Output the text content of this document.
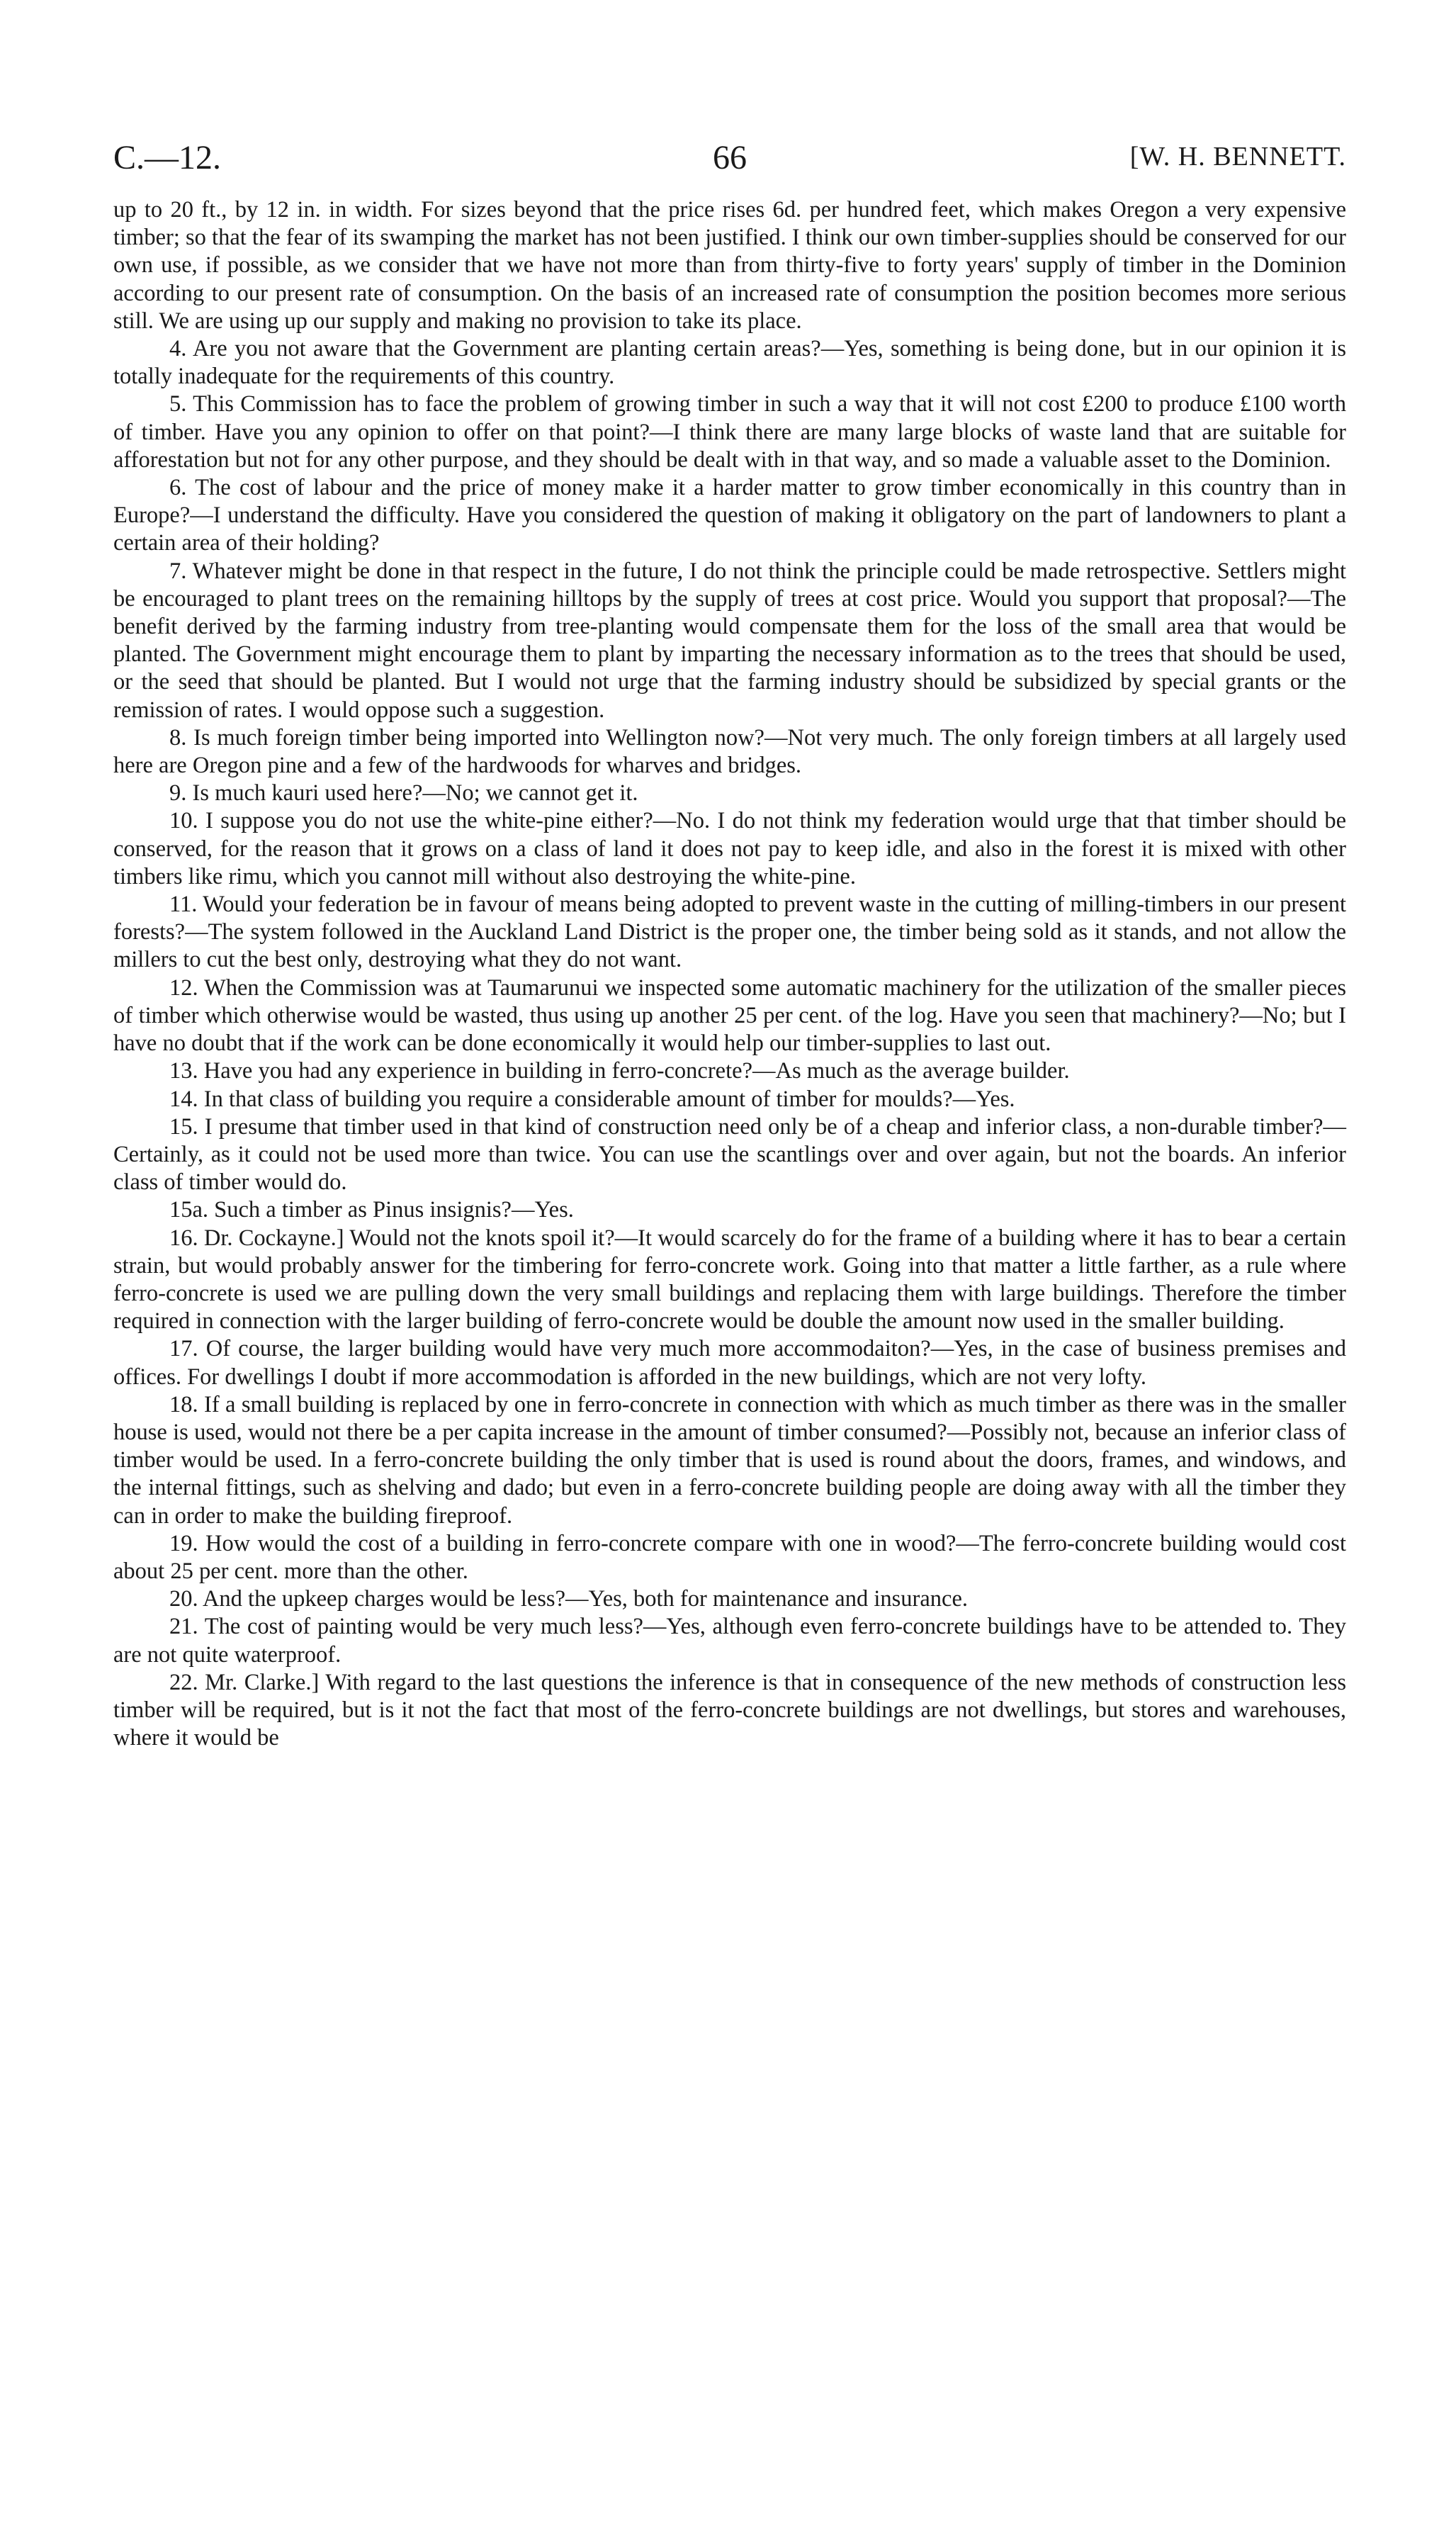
C.—12.	66	[W. H. BENNETT.

up to 20 ft., by 12 in. in width. For sizes beyond that the price rises 6d. per hundred feet, which makes Oregon a very expensive timber; so that the fear of its swamping the market has not been justified. I think our own timber-supplies should be conserved for our own use, if possible, as we consider that we have not more than from thirty-five to forty years' supply of timber in the Dominion according to our present rate of consumption. On the basis of an increased rate of consumption the position becomes more serious still. We are using up our supply and making no provision to take its place.

4. Are you not aware that the Government are planting certain areas?—Yes, something is being done, but in our opinion it is totally inadequate for the requirements of this country.

5. This Commission has to face the problem of growing timber in such a way that it will not cost £200 to produce £100 worth of timber. Have you any opinion to offer on that point?—I think there are many large blocks of waste land that are suitable for afforestation but not for any other purpose, and they should be dealt with in that way, and so made a valuable asset to the Dominion.

6. The cost of labour and the price of money make it a harder matter to grow timber economically in this country than in Europe?—I understand the difficulty. Have you considered the question of making it obligatory on the part of landowners to plant a certain area of their holding?

7. Whatever might be done in that respect in the future, I do not think the principle could be made retrospective. Settlers might be encouraged to plant trees on the remaining hilltops by the supply of trees at cost price. Would you support that proposal?—The benefit derived by the farming industry from tree-planting would compensate them for the loss of the small area that would be planted. The Government might encourage them to plant by imparting the necessary information as to the trees that should be used, or the seed that should be planted. But I would not urge that the farming industry should be subsidized by special grants or the remission of rates. I would oppose such a suggestion.

8. Is much foreign timber being imported into Wellington now?—Not very much. The only foreign timbers at all largely used here are Oregon pine and a few of the hardwoods for wharves and bridges.

9. Is much kauri used here?—No; we cannot get it.

10. I suppose you do not use the white-pine either?—No. I do not think my federation would urge that that timber should be conserved, for the reason that it grows on a class of land it does not pay to keep idle, and also in the forest it is mixed with other timbers like rimu, which you cannot mill without also destroying the white-pine.

11. Would your federation be in favour of means being adopted to prevent waste in the cutting of milling-timbers in our present forests?—The system followed in the Auckland Land District is the proper one, the timber being sold as it stands, and not allow the millers to cut the best only, destroying what they do not want.

12. When the Commission was at Taumarunui we inspected some automatic machinery for the utilization of the smaller pieces of timber which otherwise would be wasted, thus using up another 25 per cent. of the log. Have you seen that machinery?—No; but I have no doubt that if the work can be done economically it would help our timber-supplies to last out.

13. Have you had any experience in building in ferro-concrete?—As much as the average builder.

14. In that class of building you require a considerable amount of timber for moulds?—Yes.

15. I presume that timber used in that kind of construction need only be of a cheap and inferior class, a non-durable timber?—Certainly, as it could not be used more than twice. You can use the scantlings over and over again, but not the boards. An inferior class of timber would do.

15a. Such a timber as Pinus insignis?—Yes.

16. Dr. Cockayne.] Would not the knots spoil it?—It would scarcely do for the frame of a building where it has to bear a certain strain, but would probably answer for the timbering for ferro-concrete work. Going into that matter a little farther, as a rule where ferro-concrete is used we are pulling down the very small buildings and replacing them with large buildings. Therefore the timber required in connection with the larger building of ferro-concrete would be double the amount now used in the smaller building.

17. Of course, the larger building would have very much more accommodaiton?—Yes, in the case of business premises and offices. For dwellings I doubt if more accommodation is afforded in the new buildings, which are not very lofty.

18. If a small building is replaced by one in ferro-concrete in connection with which as much timber as there was in the smaller house is used, would not there be a per capita increase in the amount of timber consumed?—Possibly not, because an inferior class of timber would be used. In a ferro-concrete building the only timber that is used is round about the doors, frames, and windows, and the internal fittings, such as shelving and dado; but even in a ferro-concrete building people are doing away with all the timber they can in order to make the building fireproof.

19. How would the cost of a building in ferro-concrete compare with one in wood?—The ferro-concrete building would cost about 25 per cent. more than the other.

20. And the upkeep charges would be less?—Yes, both for maintenance and insurance.

21. The cost of painting would be very much less?—Yes, although even ferro-concrete buildings have to be attended to. They are not quite waterproof.

22. Mr. Clarke.] With regard to the last questions the inference is that in consequence of the new methods of construction less timber will be required, but is it not the fact that most of the ferro-concrete buildings are not dwellings, but stores and warehouses, where it would be
